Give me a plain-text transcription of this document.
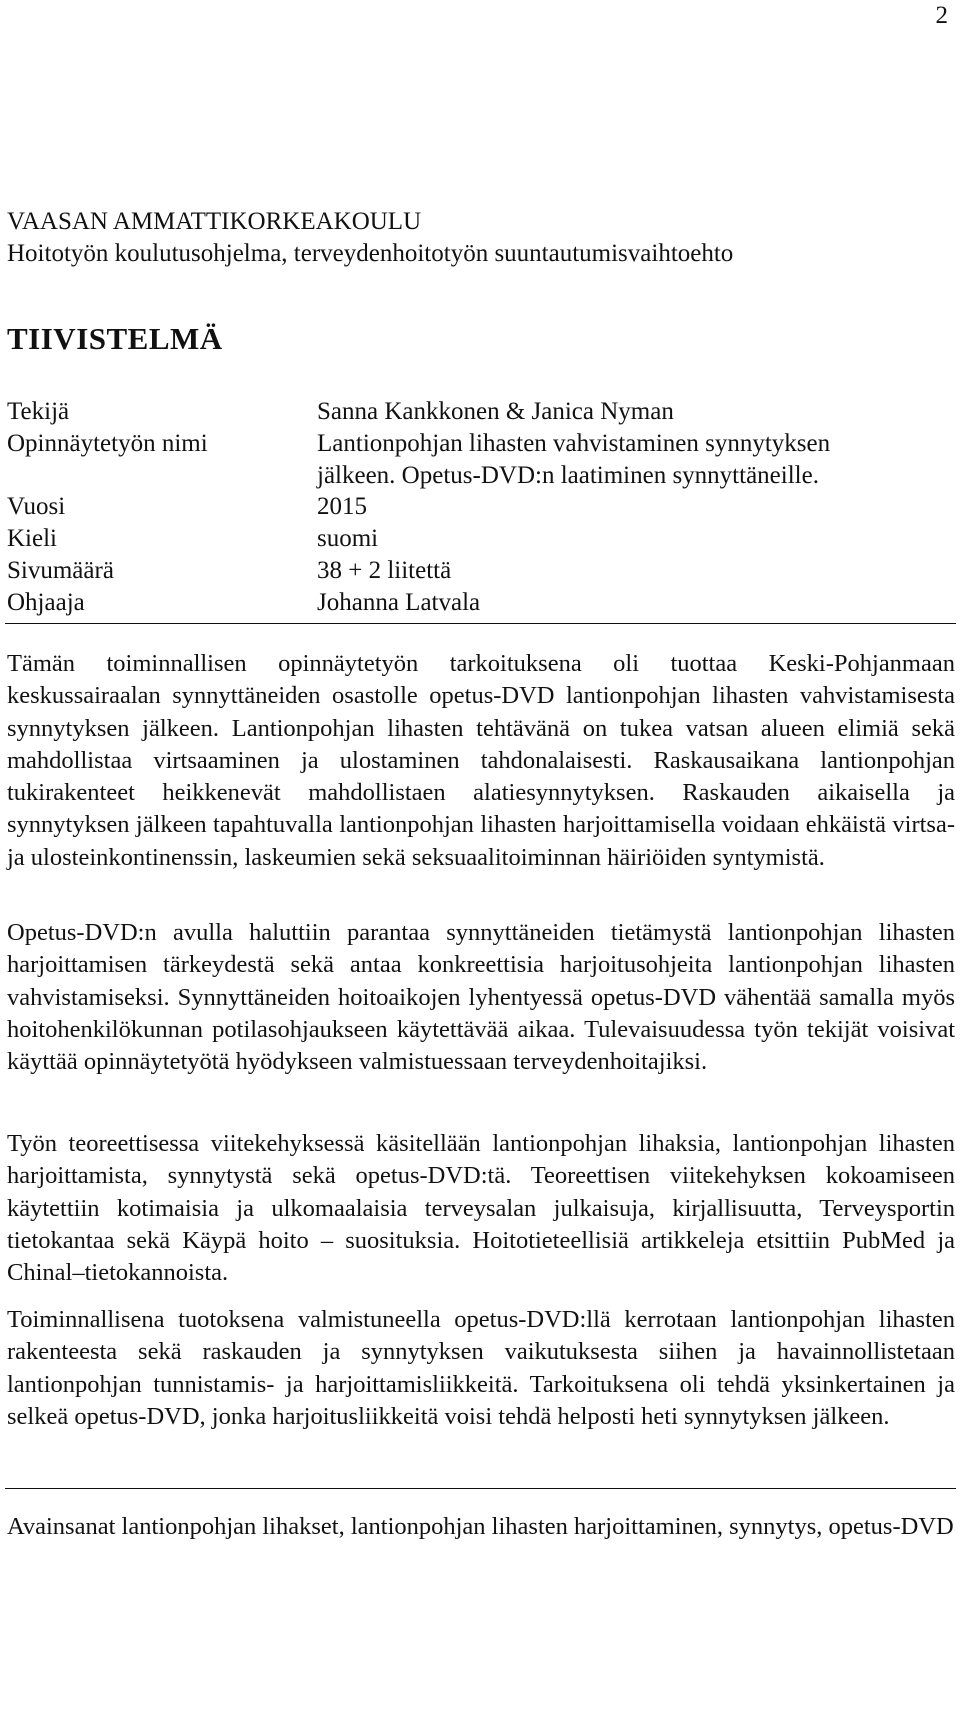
2
VAASAN AMMATTIKORKEAKOULU
Hoitotyön koulutusohjelma, terveydenhoitotyön suuntautumisvaihtoehto
TIIVISTELMÄ
Tekijä	Sanna Kankkonen & Janica Nyman
Opinnäytetyön nimi	Lantionpohjan lihasten vahvistaminen synnytyksen
jälkeen. Opetus-DVD:n laatiminen synnyttäneille.
Vuosi	2015
Kieli	suomi
Sivumäärä	38 + 2 liitettä
Ohjaaja	Johanna Latvala

Tämän toiminnallisen opinnäytetyön tarkoituksena oli tuottaa Keski-Pohjanmaan keskussairaalan synnyttäneiden osastolle opetus-DVD lantionpohjan lihasten vahvistamisesta synnytyksen jälkeen. Lantionpohjan lihasten tehtävänä on tukea vatsan alueen elimiä sekä mahdollistaa virtsaaminen ja ulostaminen tahdonalaisesti. Raskausaikana lantionpohjan tukirakenteet heikkenevät mahdollistaen alatiesynnytyksen. Raskauden aikaisella ja synnytyksen jälkeen tapahtuvalla lantionpohjan lihasten harjoittamisella voidaan ehkäistä virtsa- ja ulosteinkontinenssin, laskeumien sekä seksuaalitoiminnan häiriöiden syntymistä.

Opetus-DVD:n avulla haluttiin parantaa synnyttäneiden tietämystä lantionpohjan lihasten harjoittamisen tärkeydestä sekä antaa konkreettisia harjoitusohjeita lantionpohjan lihasten vahvistamiseksi. Synnyttäneiden hoitoaikojen lyhentyessä opetus-DVD vähentää samalla myös hoitohenkilökunnan potilasohjaukseen käytettävää aikaa. Tulevaisuudessa työn tekijät voisivat käyttää opinnäytetyötä hyödykseen valmistuessaan terveydenhoitajiksi.

Työn teoreettisessa viitekehyksessä käsitellään lantionpohjan lihaksia, lantionpohjan lihasten harjoittamista, synnytystä sekä opetus-DVD:tä. Teoreettisen viitekehyksen kokoamiseen käytettiin kotimaisia ja ulkomaalaisia terveysalan julkaisuja, kirjallisuutta, Terveysportin tietokantaa sekä Käypä hoito – suosituksia. Hoitotieteellisiä artikkeleja etsittiin PubMed ja Chinal–tietokannoista.

Toiminnallisena tuotoksena valmistuneella opetus-DVD:llä kerrotaan lantionpohjan lihasten rakenteesta sekä raskauden ja synnytyksen vaikutuksesta siihen ja havainnollistetaan lantionpohjan tunnistamis- ja harjoittamisliikkeitä. Tarkoituksena oli tehdä yksinkertainen ja selkeä opetus-DVD, jonka harjoitusliikkeitä voisi tehdä helposti heti synnytyksen jälkeen.

Avainsanat lantionpohjan lihakset, lantionpohjan lihasten harjoittaminen, synnytys, opetus-DVD
